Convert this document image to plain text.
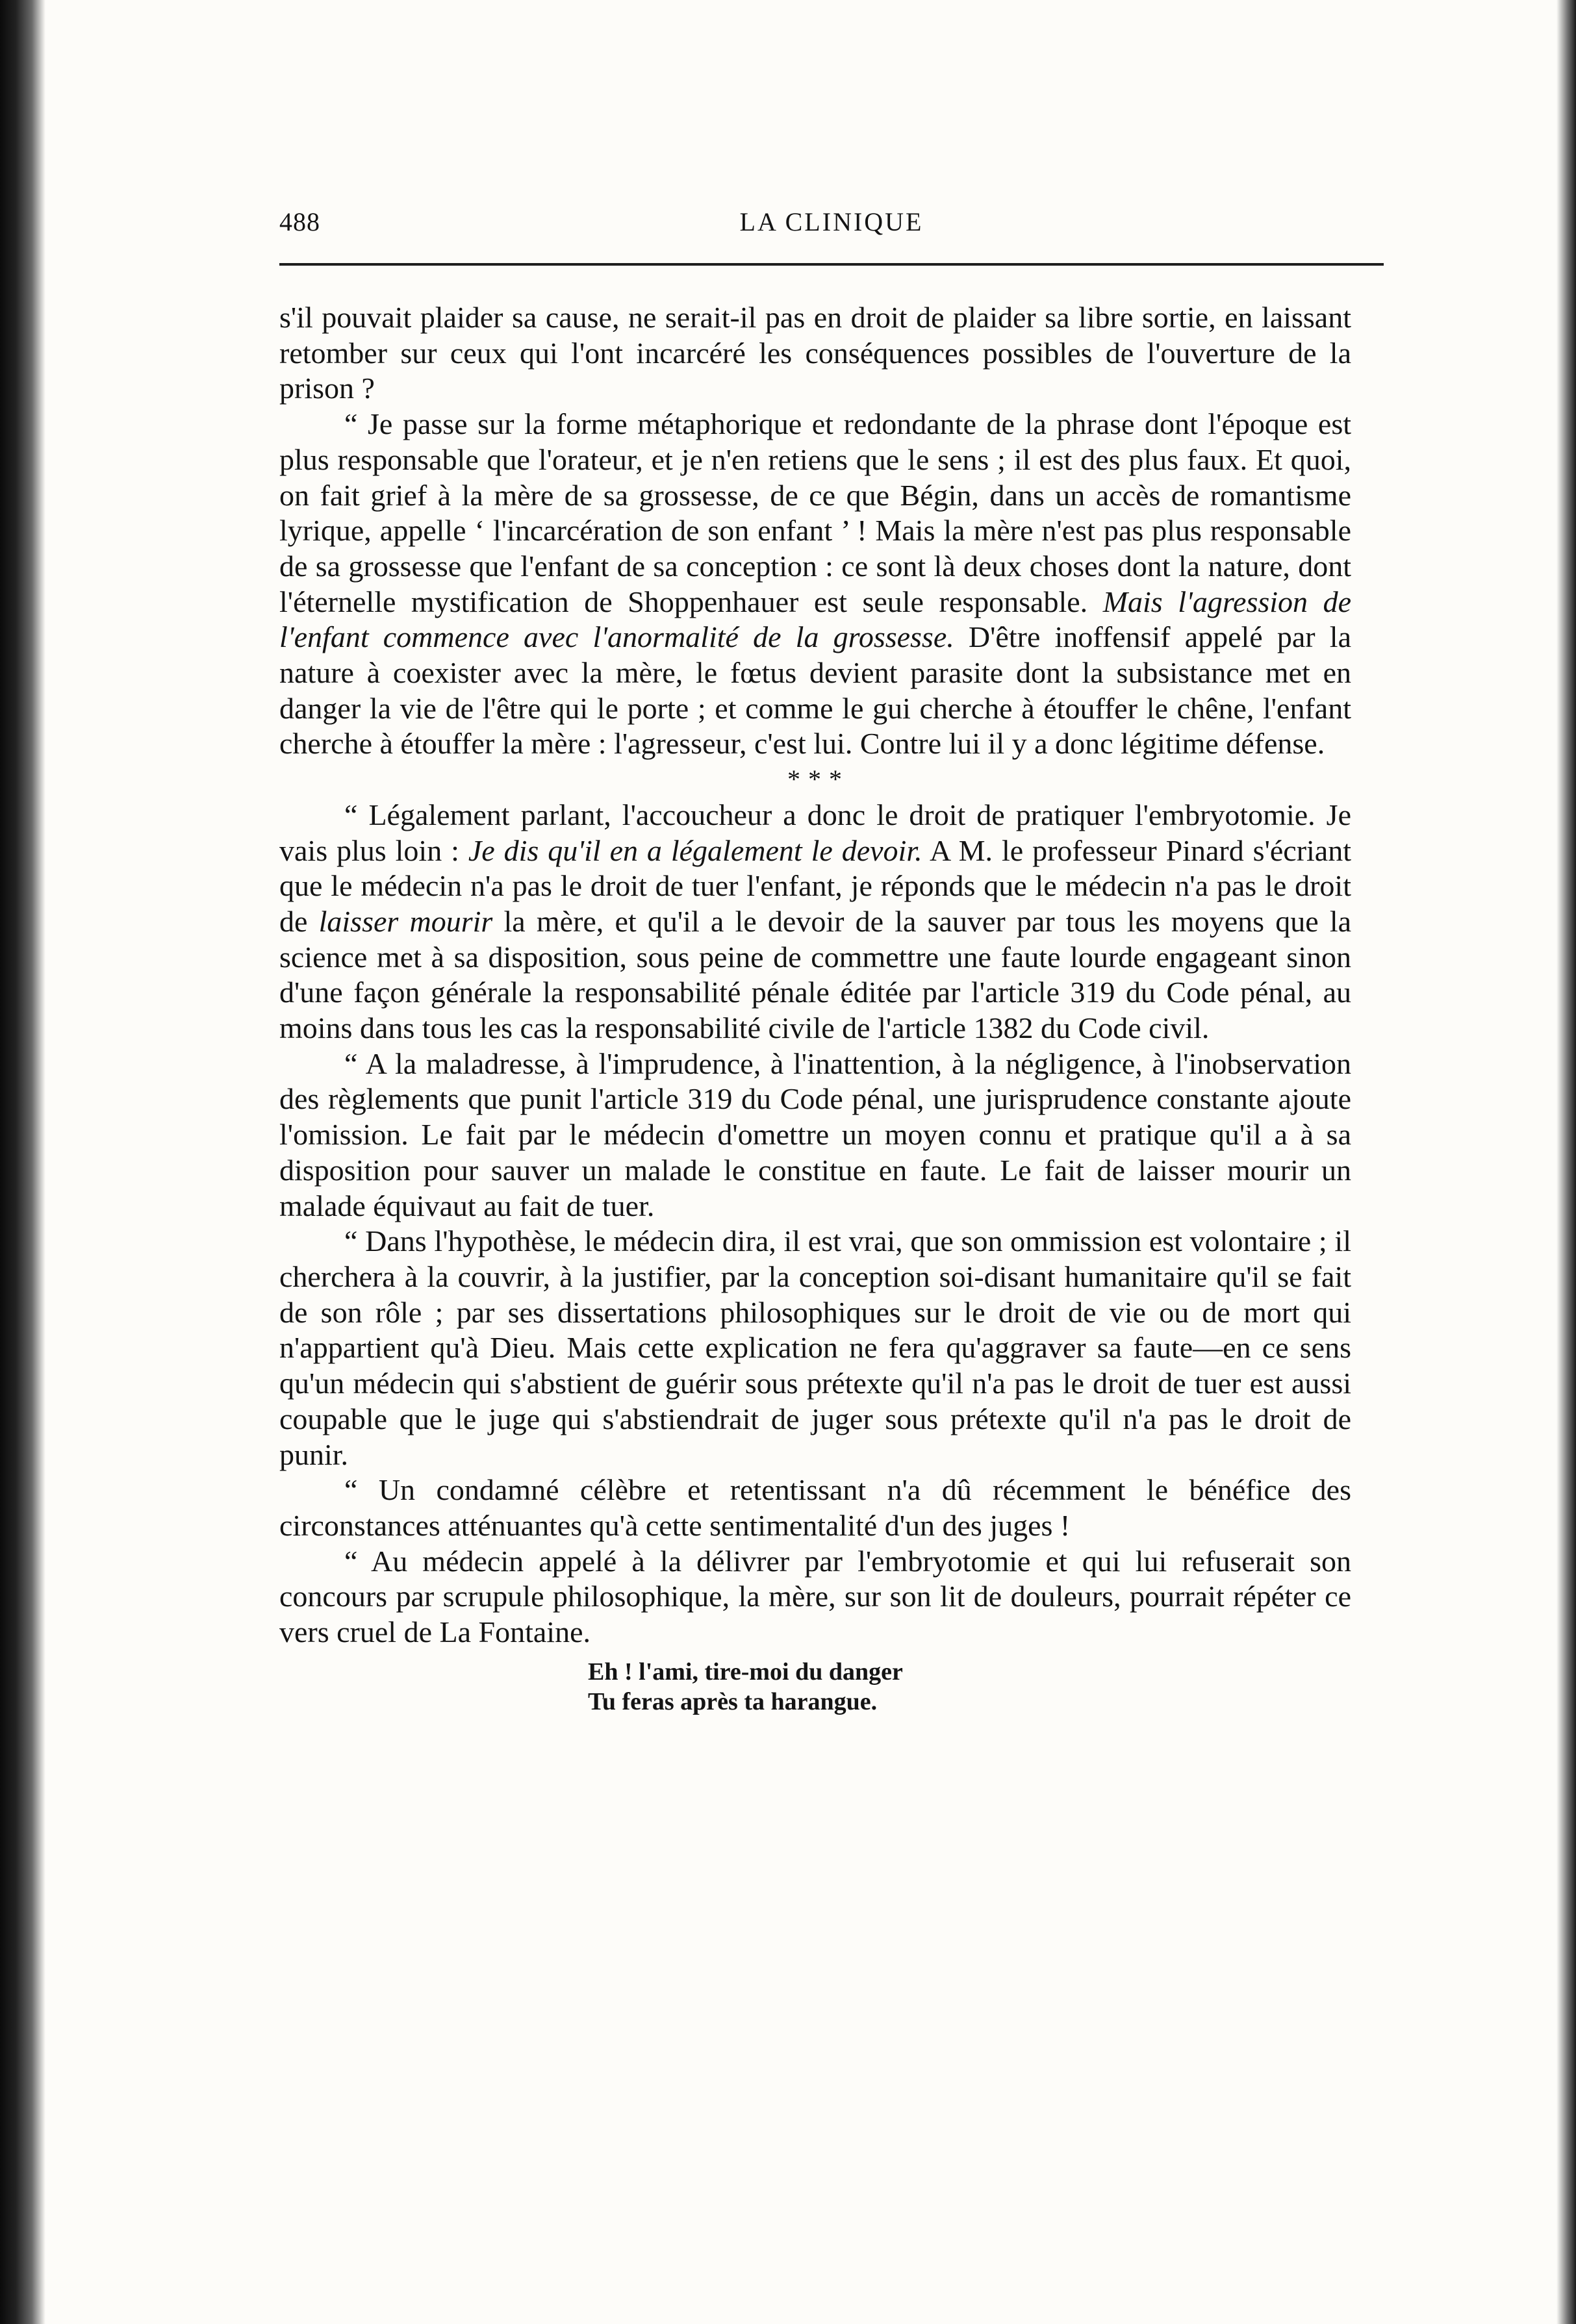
488	LA CLINIQUE

s'il pouvait plaider sa cause, ne serait-il pas en droit de plaider sa libre sortie, en laissant retomber sur ceux qui l'ont incarcéré les conséquences possibles de l'ouverture de la prison ?

“ Je passe sur la forme métaphorique et redondante de la phrase dont l'époque est plus responsable que l'orateur, et je n'en retiens que le sens ; il est des plus faux. Et quoi, on fait grief à la mère de sa grossesse, de ce que Bégin, dans un accès de romantisme lyrique, appelle ‘ l'incarcération de son enfant ’ ! Mais la mère n'est pas plus responsable de sa grossesse que l'enfant de sa conception : ce sont là deux choses dont la nature, dont l'éternelle mystification de Shoppenhauer est seule responsable. Mais l'agression de l'enfant commence avec l'anormalité de la grossesse. D'être inoffensif appelé par la nature à coexister avec la mère, le fœtus devient parasite dont la subsistance met en danger la vie de l'être qui le porte ; et comme le gui cherche à étouffer le chêne, l'enfant cherche à étouffer la mère : l'agresseur, c'est lui. Contre lui il y a donc légitime défense.

* * *

“ Légalement parlant, l'accoucheur a donc le droit de pratiquer l'embryotomie. Je vais plus loin : Je dis qu'il en a légalement le devoir. A M. le professeur Pinard s'écriant que le médecin n'a pas le droit de tuer l'enfant, je réponds que le médecin n'a pas le droit de laisser mourir la mère, et qu'il a le devoir de la sauver par tous les moyens que la science met à sa disposition, sous peine de commettre une faute lourde engageant sinon d'une façon générale la responsabilité pénale éditée par l'article 319 du Code pénal, au moins dans tous les cas la responsabilité civile de l'article 1382 du Code civil.

“ A la maladresse, à l'imprudence, à l'inattention, à la négligence, à l'inobservation des règlements que punit l'article 319 du Code pénal, une jurisprudence constante ajoute l'omission. Le fait par le médecin d'omettre un moyen connu et pratique qu'il a à sa disposition pour sauver un malade le constitue en faute. Le fait de laisser mourir un malade équivaut au fait de tuer.

“ Dans l'hypothèse, le médecin dira, il est vrai, que son ommission est volontaire ; il cherchera à la couvrir, à la justifier, par la conception soi-disant humanitaire qu'il se fait de son rôle ; par ses dissertations philosophiques sur le droit de vie ou de mort qui n'appartient qu'à Dieu. Mais cette explication ne fera qu'aggraver sa faute—en ce sens qu'un médecin qui s'abstient de guérir sous prétexte qu'il n'a pas le droit de tuer est aussi coupable que le juge qui s'abstiendrait de juger sous prétexte qu'il n'a pas le droit de punir.

“ Un condamné célèbre et retentissant n'a dû récemment le bénéfice des circonstances atténuantes qu'à cette sentimentalité d'un des juges !

“ Au médecin appelé à la délivrer par l'embryotomie et qui lui refuserait son concours par scrupule philosophique, la mère, sur son lit de douleurs, pourrait répéter ce vers cruel de La Fontaine.

Eh ! l'ami, tire-moi du danger
Tu feras après ta harangue.
